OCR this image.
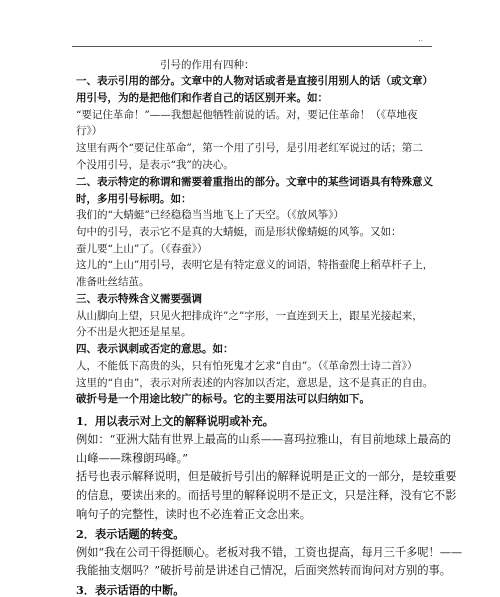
..
引号的作用有四种：
一、表示引用的部分。文章中的人物对话或者是直接引用别人的话（或文章）
用引号，为的是把他们和作者自己的话区别开来。如：
“要记住革命！”——我想起他牺牲前说的话。对，要记住革命！（《草地夜
行》）
这里有两个“要记住革命”，第一个用了引号，是引用老红军说过的话；第二
个没用引号，是表示“我”的决心。
二、表示特定的称谓和需要着重指出的部分。文章中的某些词语具有特殊意义
时，多用引号标明。如：
我们的“大蜻蜓”已经稳稳当当地飞上了天空。（《放风筝》）
句中的引号，表示它不是真的大蜻蜓，而是形状像蜻蜓的风筝。又如：
蚕儿要“上山”了。（《春蚕》）
这儿的“上山”用引号，表明它是有特定意义的词语，特指蚕爬上稻草杆子上，
准备吐丝结茧。
三、表示特殊含义需要强调
从山脚向上望，只见火把排成许”之”字形，一直连到天上，跟星光接起来，
分不出是火把还是星星。
四、表示讽刺或否定的意思。如：
人，不能低下高贵的头，只有怕死鬼才乞求“自由”。（《革命烈士诗二首》）
这里的“自由”，表示对所表述的内容加以否定，意思是，这不是真正的自由。
破折号是一个用途比较广的标号。它的主要用法可以归纳如下。
1．用以表示对上文的解释说明或补充。
例如：“亚洲大陆有世界上最高的山系——喜玛拉雅山，有目前地球上最高的
山峰——珠穆朗玛峰。”
括号也表示解释说明，但是破折号引出的解释说明是正文的一部分，是较重要
的信息，要读出来的。而括号里的解释说明不是正文，只是注释，没有它不影
响句子的完整性，读时也不必连着正文念出来。
2．表示话题的转变。
例如“我在公司干得挺顺心。老板对我不错，工资也提高，每月三千多呢！——
我能抽支烟吗？”破折号前是讲述自己情况，后面突然转而询问对方别的事。
3．表示话语的中断。
